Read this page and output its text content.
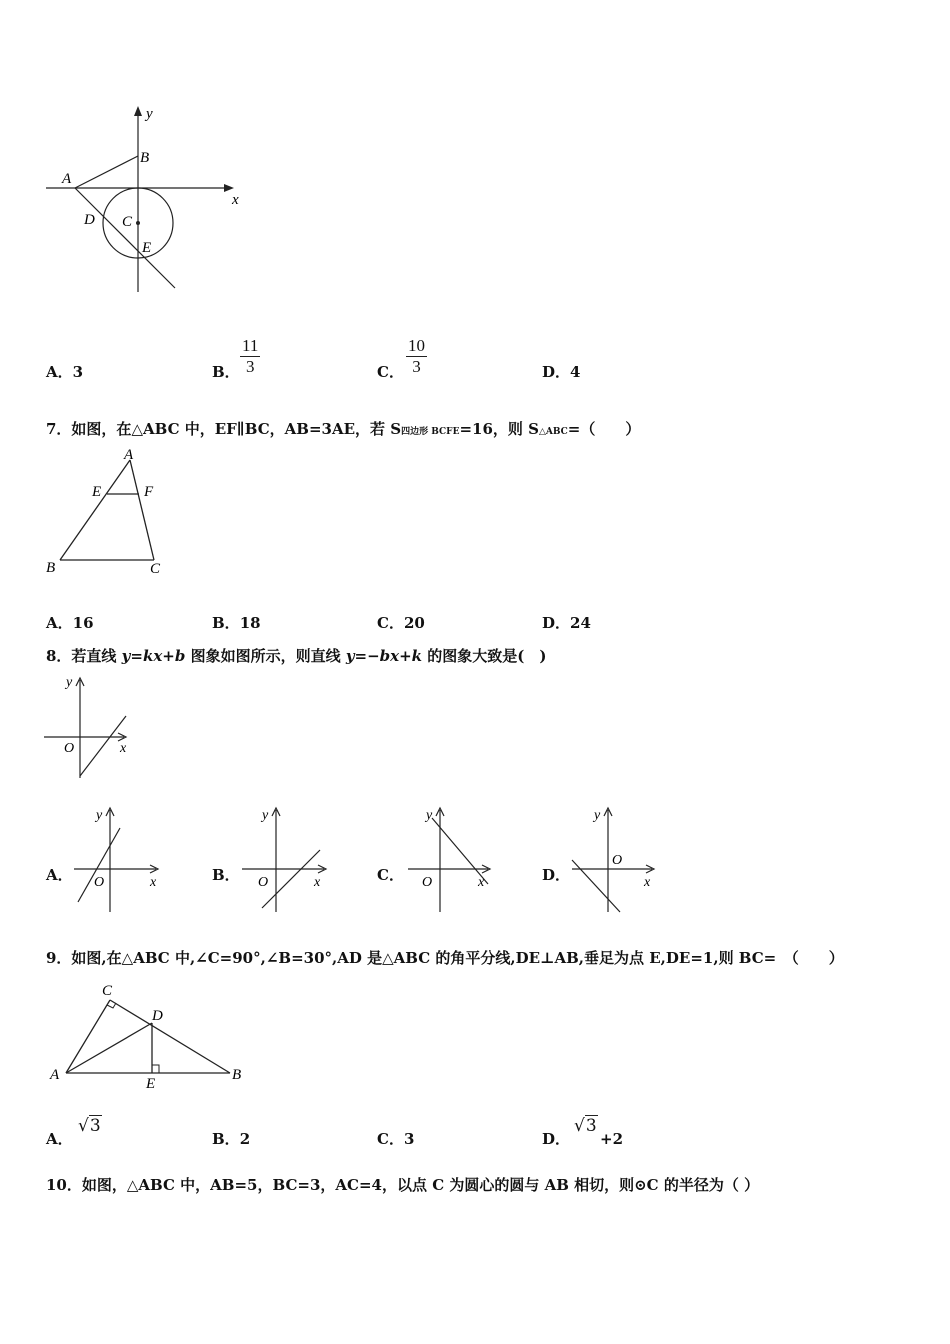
y
x
A
B
C
D
E
A．3	B． $\frac{11}{3}$	C． $\frac{10}{3}$	D．4
7．如图，在△ABC 中，EF∥BC，AB=3AE，若 S四边形 BCFE=16，则 S△ABC=（　　）
A
E	F
B	C
A．16	B．18	C．20	D．24
8．若直线 y=kx+b 图象如图所示，则直线 y=−bx+k 的图象大致是(　)
y
O	x
A．
y
O	x	B．
y
O	x	C．
y
O	x	D．
y
O
x
9．如图,在△ABC 中,∠C=90°,∠B=30°,AD 是△ABC 的角平分线,DE⊥AB,垂足为点 E,DE=1,则 BC=　（　　）
C
D
A
E
B
A．
√3
B．2	C．3	D．
√3
+2
10．如图，△ABC 中，AB=5，BC=3，AC=4，以点 C 为圆心的圆与 AB 相切，则⊙C 的半径为（ ）
